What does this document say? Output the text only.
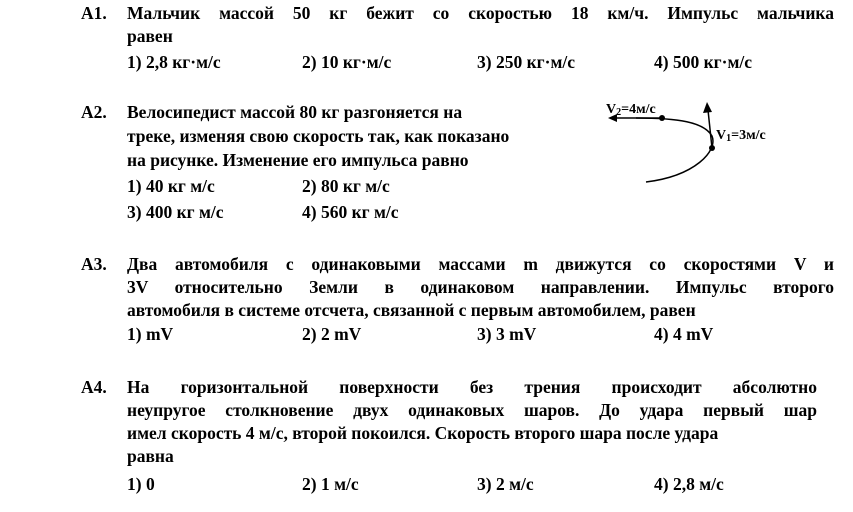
A1. Мальчик массой 50 кг бежит со скоростью 18 км/ч. Импульс мальчика
равен
1) 2,8 кг·м/с	2) 10 кг·м/с	3) 250 кг·м/с	4) 500 кг·м/с
A2. Велосипедист массой 80 кг разгоняется на
треке, изменяя свою скорость так, как показано
на рисунке. Изменение его импульса равно
1) 40 кг м/с	2) 80 кг м/с
3) 400 кг м/с	4) 560 кг м/с
$V_2=4м/с$
$V_1=3м/с$
A3. Два автомобиля с одинаковыми массами m движутся со скоростями V и
3V относительно Земли в одинаковом направлении. Импульс второго
автомобиля в системе отсчета, связанной с первым автомобилем, равен
1) mV	2) 2 mV	3) 3 mV	4) 4 mV
A4. На горизонтальной поверхности без трения происходит абсолютно
неупругое столкновение двух одинаковых шаров. До удара первый шар
имел скорость 4 м/с, второй покоился. Скорость второго шара после удара
равна
1) 0	2) 1 м/с	3) 2 м/с	4) 2,8 м/с
